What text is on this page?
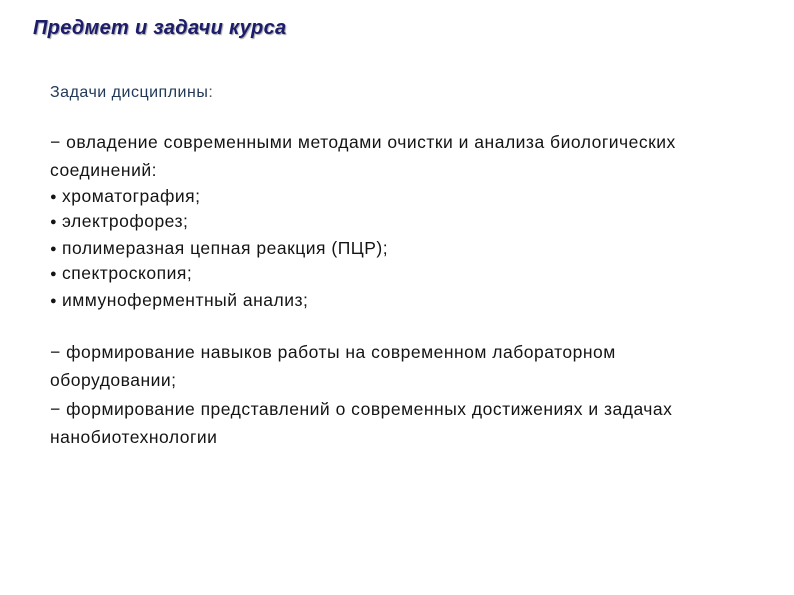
Предмет и задачи курса
Задачи дисциплины:
− овладение современными методами очистки и анализа биологических
соединений:
● хроматография;
● электрофорез;
● полимеразная цепная реакция (ПЦР);
● спектроскопия;
● иммуноферментный анализ;
− формирование навыков работы на современном лабораторном
оборудовании;
− формирование представлений о современных достижениях и задачах
нанобиотехнологии
